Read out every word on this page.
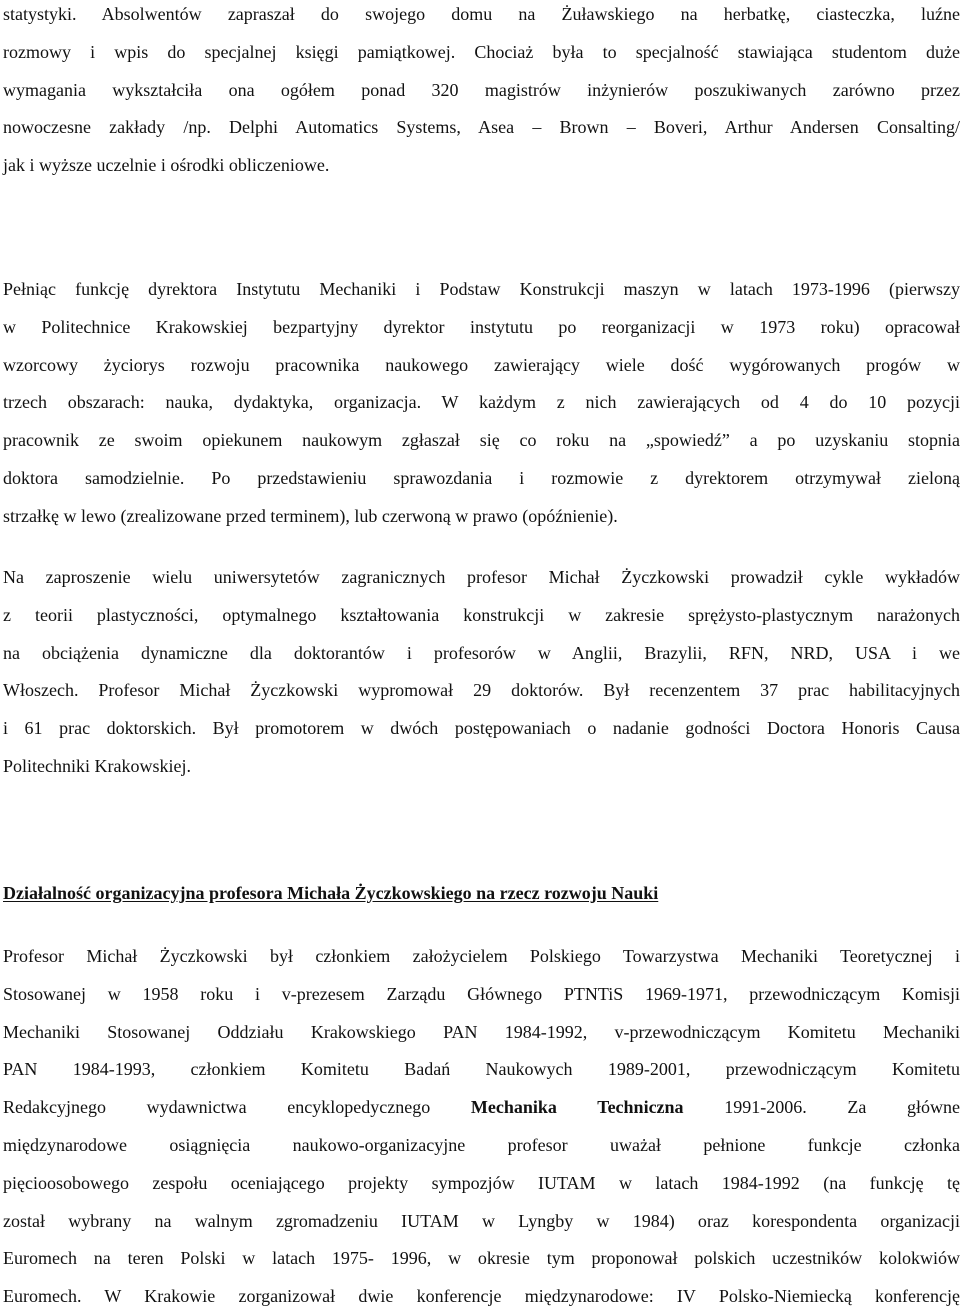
statystyki. Absolwentów zapraszał do swojego domu na Żuławskiego na herbatkę, ciasteczka, luźne
rozmowy i wpis do specjalnej księgi pamiątkowej. Chociaż była to specjalność stawiająca studentom duże
wymagania wykształciła ona ogółem ponad 320 magistrów inżynierów poszukiwanych zarówno przez
nowoczesne zakłady /np. Delphi Automatics Systems, Asea – Brown – Boveri, Arthur Andersen Consalting/
jak i wyższe uczelnie i ośrodki obliczeniowe.
Pełniąc funkcję dyrektora Instytutu Mechaniki i Podstaw Konstrukcji maszyn w latach 1973-1996 (pierwszy
w Politechnice Krakowskiej bezpartyjny dyrektor instytutu po reorganizacji w 1973 roku) opracował
wzorcowy życiorys rozwoju pracownika naukowego zawierający wiele dość wygórowanych progów w
trzech obszarach: nauka, dydaktyka, organizacja. W każdym z nich zawierających od 4 do 10 pozycji
pracownik ze swoim opiekunem naukowym zgłaszał się co roku na „spowiedź” a po uzyskaniu stopnia
doktora samodzielnie. Po przedstawieniu sprawozdania i rozmowie z dyrektorem otrzymywał zieloną
strzałkę w lewo (zrealizowane przed terminem), lub czerwoną w prawo (opóźnienie).
Na zaproszenie wielu uniwersytetów zagranicznych profesor Michał Życzkowski prowadził cykle wykładów
z teorii plastyczności, optymalnego kształtowania konstrukcji w zakresie sprężysto-plastycznym narażonych
na obciążenia dynamiczne dla doktorantów i profesorów w Anglii, Brazylii, RFN, NRD, USA i we
Włoszech. Profesor Michał Życzkowski wypromował 29 doktorów. Był recenzentem 37 prac habilitacyjnych
i 61 prac doktorskich. Był promotorem w dwóch postępowaniach o nadanie godności Doctora Honoris Causa
Politechniki Krakowskiej.
Działalność organizacyjna profesora Michała Życzkowskiego na rzecz rozwoju Nauki
Profesor Michał Życzkowski był członkiem założycielem Polskiego Towarzystwa Mechaniki Teoretycznej i
Stosowanej w 1958 roku i v-prezesem Zarządu Głównego PTNTiS 1969-1971, przewodniczącym Komisji
Mechaniki Stosowanej Oddziału Krakowskiego PAN 1984-1992, v-przewodniczącym Komitetu Mechaniki
PAN 1984-1993, członkiem Komitetu Badań Naukowych 1989-2001, przewodniczącym Komitetu
Redakcyjnego wydawnictwa encyklopedycznego Mechanika Techniczna 1991-2006. Za główne
międzynarodowe osiągnięcia naukowo-organizacyjne profesor uważał pełnione funkcje członka
pięcioosobowego zespołu oceniającego projekty sympozjów IUTAM w latach 1984-1992 (na funkcję tę
został wybrany na walnym zgromadzeniu IUTAM w Lyngby w 1984) oraz korespondenta organizacji
Euromech na teren Polski w latach 1975- 1996, w okresie tym proponował polskich uczestników kolokwiów
Euromech. W Krakowie zorganizował dwie konferencje międzynarodowe: IV Polsko-Niemiecką konferencję
